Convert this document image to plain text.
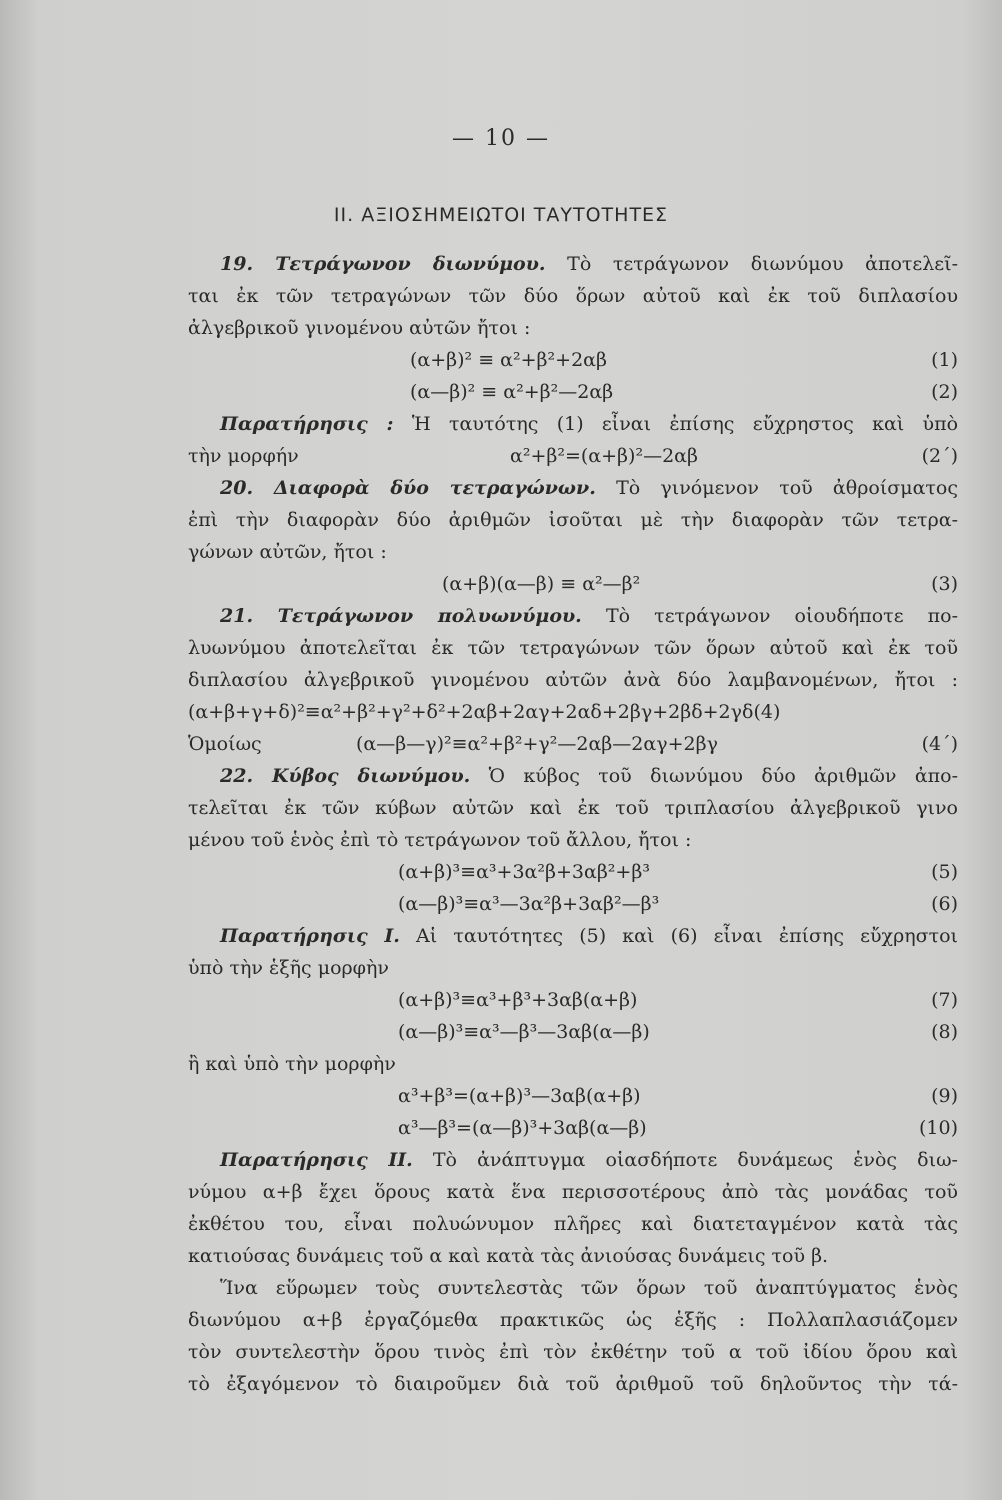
— 10 —
ΙΙ. ΑΞΙΟΣΗΜΕΙΩΤΟΙ ΤΑΥΤΟΤΗΤΕΣ
19. Τετράγωνον διωνύμου. Τὸ τετράγωνον διωνύμου ἀποτελεῖ-
ται ἐκ τῶν τετραγώνων τῶν δύο ὅρων αὐτοῦ καὶ ἐκ τοῦ διπλασίου
ἀλγεβρικοῦ γινομένου αὐτῶν ἤτοι :
(α+β)² ≡ α²+β²+2αβ	(1)
(α—β)² ≡ α²+β²—2αβ	(2)
Παρατήρησις : Ἡ ταυτότης (1) εἶναι ἐπίσης εὔχρηστος καὶ ὑπὸ
τὴν μορφήν	α²+β²=(α+β)²—2αβ	(2´)
20. Διαφορὰ δύο τετραγώνων. Τὸ γινόμενον τοῦ ἀθροίσματος
ἐπὶ τὴν διαφορὰν δύο ἀριθμῶν ἰσοῦται μὲ τὴν διαφορὰν τῶν τετρα-
γώνων αὐτῶν, ἤτοι :
(α+β)(α—β) ≡ α²—β²	(3)
21. Τετράγωνον πολυωνύμου. Τὸ τετράγωνον οἱουδήποτε πο-
λυωνύμου ἀποτελεῖται ἐκ τῶν τετραγώνων τῶν ὅρων αὐτοῦ καὶ ἐκ τοῦ
διπλασίου ἀλγεβρικοῦ γινομένου αὐτῶν ἀνὰ δύο λαμβανομένων, ἤτοι :
(α+β+γ+δ)²≡α²+β²+γ²+δ²+2αβ+2αγ+2αδ+2βγ+2βδ+2γδ(4)
Ὁμοίως	(α—β—γ)²≡α²+β²+γ²—2αβ—2αγ+2βγ	(4´)
22. Κύβος διωνύμου. Ὁ κύβος τοῦ διωνύμου δύο ἀριθμῶν ἀπο-
τελεῖται ἐκ τῶν κύβων αὐτῶν καὶ ἐκ τοῦ τριπλασίου ἀλγεβρικοῦ γινο
μένου τοῦ ἑνὸς ἐπὶ τὸ τετράγωνον τοῦ ἄλλου, ἤτοι :
(α+β)³≡α³+3α²β+3αβ²+β³	(5)
(α—β)³≡α³—3α²β+3αβ²—β³	(6)
Παρατήρησις Ι. Αἱ ταυτότητες (5) καὶ (6) εἶναι ἐπίσης εὔχρηστοι
ὑπὸ τὴν ἑξῆς μορφὴν
(α+β)³≡α³+β³+3αβ(α+β)	(7)
(α—β)³≡α³—β³—3αβ(α—β)	(8)
ἢ καὶ ὑπὸ τὴν μορφὴν
α³+β³=(α+β)³—3αβ(α+β)	(9)
α³—β³=(α—β)³+3αβ(α—β)	(10)
Παρατήρησις ΙΙ. Τὸ ἀνάπτυγμα οἱασδήποτε δυνάμεως ἑνὸς διω-
νύμου α+β ἔχει ὅρους κατὰ ἕνα περισσοτέρους ἀπὸ τὰς μονάδας τοῦ
ἐκθέτου του, εἶναι πολυώνυμον πλῆρες καὶ διατεταγμένον κατὰ τὰς
κατιούσας δυνάμεις τοῦ α καὶ κατὰ τὰς ἀνιούσας δυνάμεις τοῦ β.
Ἵνα εὕρωμεν τοὺς συντελεστὰς τῶν ὅρων τοῦ ἀναπτύγματος ἑνὸς
διωνύμου α+β ἐργαζόμεθα πρακτικῶς ὡς ἑξῆς : Πολλαπλασιάζομεν
τὸν συντελεστὴν ὅρου τινὸς ἐπὶ τὸν ἐκθέτην τοῦ α τοῦ ἰδίου ὅρου καὶ
τὸ ἐξαγόμενον τὸ διαιροῦμεν διὰ τοῦ ἀριθμοῦ τοῦ δηλοῦντος τὴν τά-
